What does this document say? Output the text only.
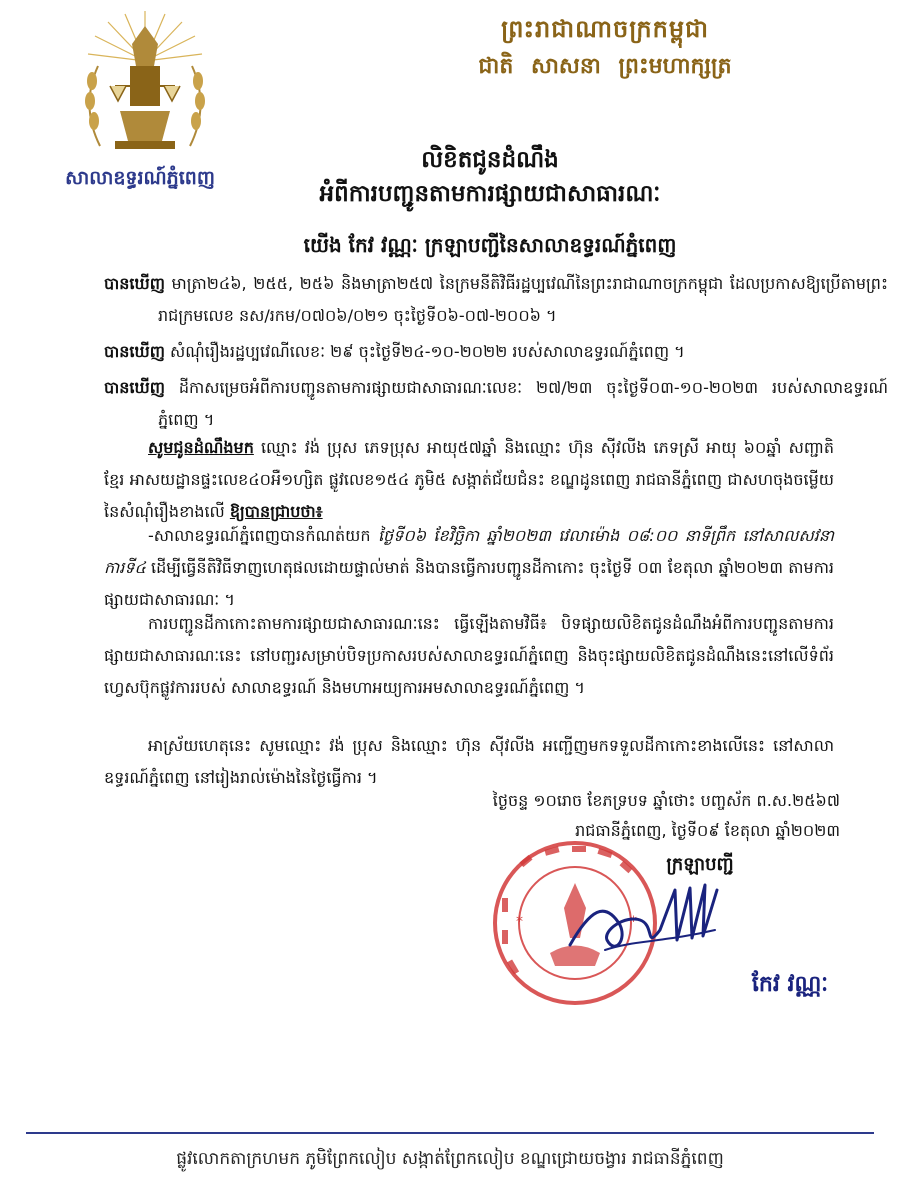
ព្រះរាជាណាចក្រកម្ពុជា
ជាតិ សាសនា ព្រះមហាក្សត្រ
សាលាឧទ្ធរណ៍ភ្នំពេញ
លិខិតជូនដំណឹង
អំពីការបញ្ជូនតាមការផ្សាយជាសាធារណៈ
យើង កែវ វណ្ណៈ ក្រឡាបញ្ជីនៃសាលាឧទ្ធរណ៍ភ្នំពេញ
បានឃើញ មាត្រា២៤៦, ២៥៥, ២៥៦ និងមាត្រា២៥៧ នៃក្រមនីតិវិធីរដ្ឋប្បវេណីនៃព្រះរាជាណាចក្រកម្ពុជា ដែលប្រកាសឱ្យប្រើតាមព្រះរាជក្រមលេខ នស/រកម/០៧០៦/០២១ ចុះថ្ងៃទី០៦-០៧-២០០៦ ។
បានឃើញ សំណុំរឿងរដ្ឋប្បវេណីលេខៈ ២៩ ចុះថ្ងៃទី២៤-១០-២០២២ របស់សាលាឧទ្ធរណ៍ភ្នំពេញ ។
បានឃើញ ដីកាសម្រេចអំពីការបញ្ជូនតាមការផ្សាយជាសាធារណៈលេខៈ ២៧/២៣ ចុះថ្ងៃទី០៣-១០-២០២៣ របស់សាលាឧទ្ធរណ៍ភ្នំពេញ ។
សូមជូនដំណឹងមក ឈ្មោះ វង់ ប្រុស ភេទប្រុស អាយុ៥៧ឆ្នាំ និងឈ្មោះ ហ៊ុន ស៊ីវលីង ភេទស្រី អាយុ ៦០ឆ្នាំ សញ្ជាតិ ខ្មែរ អាសយដ្ឋានផ្ទះលេខ៤០អឺ១ហ្សិត ផ្លូវលេខ១៥៤ ភូមិ៥ សង្កាត់ជ័យជំនះ ខណ្ឌដូនពេញ រាជធានីភ្នំពេញ ជាសហចុងចម្លើយនៃសំណុំរឿងខាងលើ ឱ្យបានជ្រាបថា៖
-សាលាឧទ្ធរណ៍ភ្នំពេញបានកំណត់យក ថ្ងៃទី០៦ ខែវិច្ឆិកា ឆ្នាំ២០២៣ វេលាម៉ោង ០៨:០០ នាទីព្រឹក នៅសាលសវនាការទី៤ ដើម្បីធ្វើនីតិវិធីទាញហេតុផលដោយផ្ទាល់មាត់ និងបានធ្វើការបញ្ជូនដីកាកោះ ចុះថ្ងៃទី ០៣ ខែតុលា ឆ្នាំ២០២៣ តាមការផ្សាយជាសាធារណៈ ។
ការបញ្ជូនដីកាកោះតាមការផ្សាយជាសាធារណៈនេះ ធ្វើឡើងតាមវិធី៖ បិទផ្សាយលិខិតជូនដំណឹងអំពីការបញ្ជូនតាមការផ្សាយជាសាធារណៈនេះ នៅបញ្ជរសម្រាប់បិទប្រកាសរបស់សាលាឧទ្ធរណ៍ភ្នំពេញ និងចុះផ្សាយលិខិតជូនដំណឹងនេះនៅលើទំព័រហ្វេសប៊ុកផ្លូវការរបស់ សាលាឧទ្ធរណ៍ និងមហាអយ្យការអមសាលាឧទ្ធរណ៍ភ្នំពេញ ។
អាស្រ័យហេតុនេះ សូមឈ្មោះ វង់ ប្រុស និងឈ្មោះ ហ៊ុន ស៊ីវលីង អញ្ជើញមកទទួលដីកាកោះខាងលើនេះ នៅសាលាឧទ្ធរណ៍ភ្នំពេញ នៅរៀងរាល់ម៉ោងនៃថ្ងៃធ្វើការ ។
ថ្ងៃចន្ទ ១០រោច ខែភទ្របទ ឆ្នាំថោះ បញ្ចស័ក ព.ស.២៥៦៧
រាជធានីភ្នំពេញ, ថ្ងៃទី០៩ ខែតុលា ឆ្នាំ២០២៣
ក្រឡាបញ្ជី
*	*
កែវ វណ្ណៈ
ផ្លូវលោកតាក្រហមក ភូមិព្រែកលៀប សង្កាត់ព្រែកលៀប ខណ្ឌជ្រោយចង្វារ រាជធានីភ្នំពេញ
